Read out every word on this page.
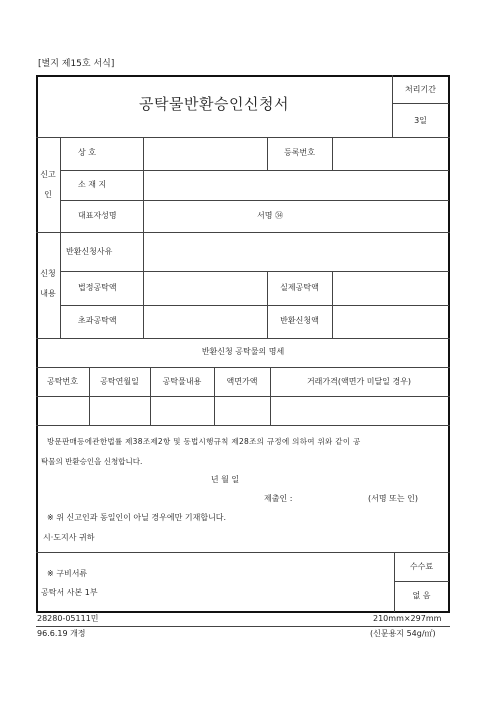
[별지 제15호 서식]
공탁물반환승인신청서
처리기간
3일
신고
인
상 호	등록번호
소 재 지
대표자성명	서명 ㉞
신청
내용
반환신청사유
법정공탁액	실제공탁액
초과공탁액	반환신청액
반환신청 공탁물의 명세
공탁번호	공탁연월일	공탁물내용	액면가액	거래가격(액면가 미달일 경우)
방문판매등에관한법률 제38조제2항 및 동법시행규칙 제28조의 규정에 의하여 위와 같이 공
탁물의 반환승인을 신청합니다.
년 월 일
제출인 :	(서명 또는 인)
※ 위 신고인과 동일인이 아닐 경우에만 기재합니다.
시·도지사 귀하
※ 구비서류
공탁서 사본 1부
수수료
없 음
28280-05111민
96.6.19 개정
210mm×297mm
(신문용지 54g/㎡)
